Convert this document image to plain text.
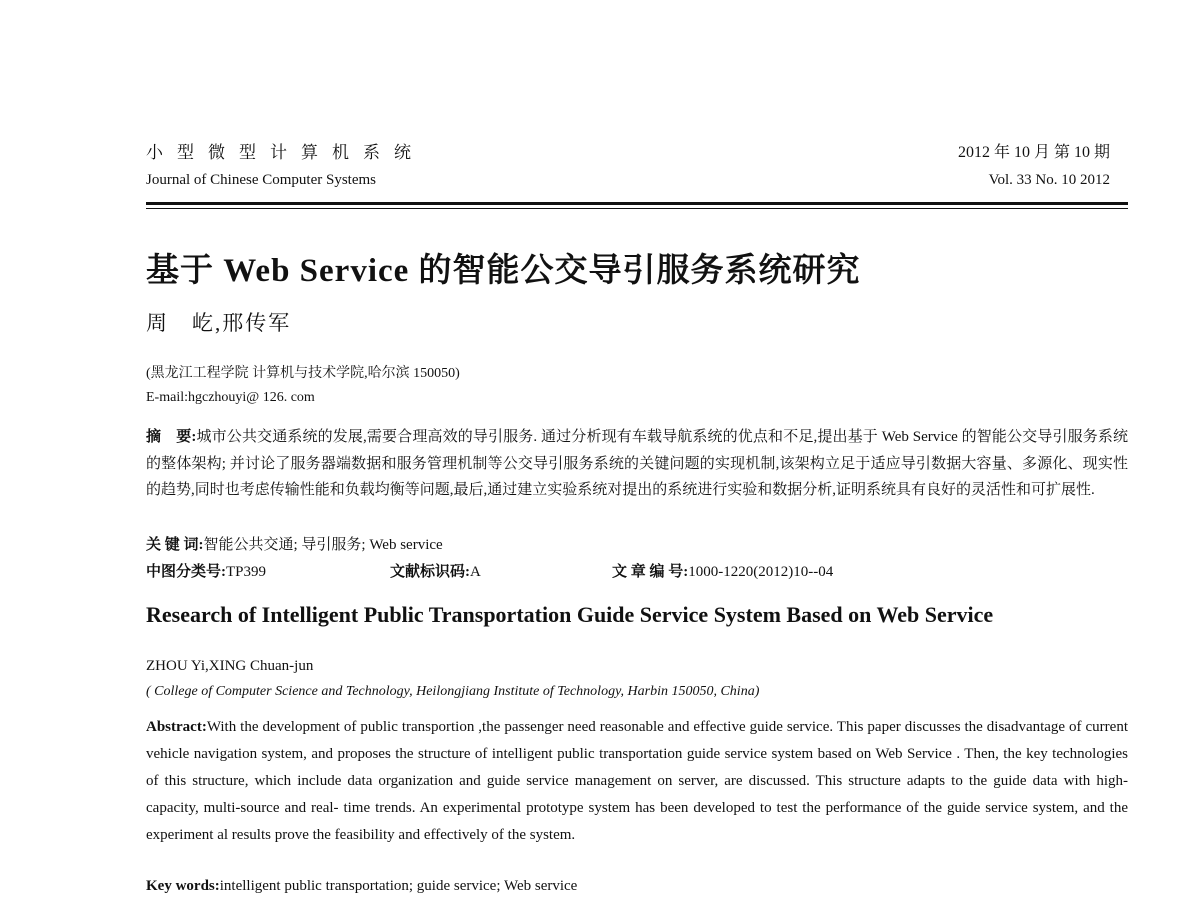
小型微型计算机系统
Journal of Chinese Computer Systems
2012 年 10 月 第 10 期
Vol. 33 No. 10 2012
基于 Web Service 的智能公交导引服务系统研究
周　屹,邢传军
(黑龙江工程学院 计算机与技术学院,哈尔滨 150050)
E-mail:hgczhouyi@ 126. com
摘　要:城市公共交通系统的发展,需要合理高效的导引服务. 通过分析现有车载导航系统的优点和不足,提出基于 Web Service 的智能公交导引服务系统的整体架构; 并讨论了服务器端数据和服务管理机制等公交导引服务系统的关键问题的实现机制,该架构立足于适应导引数据大容量、多源化、现实性的趋势,同时也考虑传输性能和负载均衡等问题,最后,通过建立实验系统对提出的系统进行实验和数据分析,证明系统具有良好的灵活性和可扩展性.
关 键 词:智能公共交通; 导引服务; Web service
中图分类号:TP399	文献标识码:A	文 章 编 号:1000-1220(2012)10--04
Research of Intelligent Public Transportation Guide Service System Based on Web Service
ZHOU Yi,XING Chuan-jun
( College of Computer Science and Technology, Heilongjiang Institute of Technology, Harbin 150050, China)
Abstract:With the development of public transportion ,the passenger need reasonable and effective guide service. This paper discusses the disadvantage of current vehicle navigation system, and proposes the structure of intelligent public transportation guide service system based on Web Service . Then, the key technologies of this structure, which include data organization and guide service management on server, are discussed. This structure adapts to the guide data with high-capacity, multi-source and real- time trends. An experimental prototype system has been developed to test the performance of the guide service system, and the experiment al results prove the feasibility and effectively of the system.
Key words:intelligent public transportation; guide service; Web service
